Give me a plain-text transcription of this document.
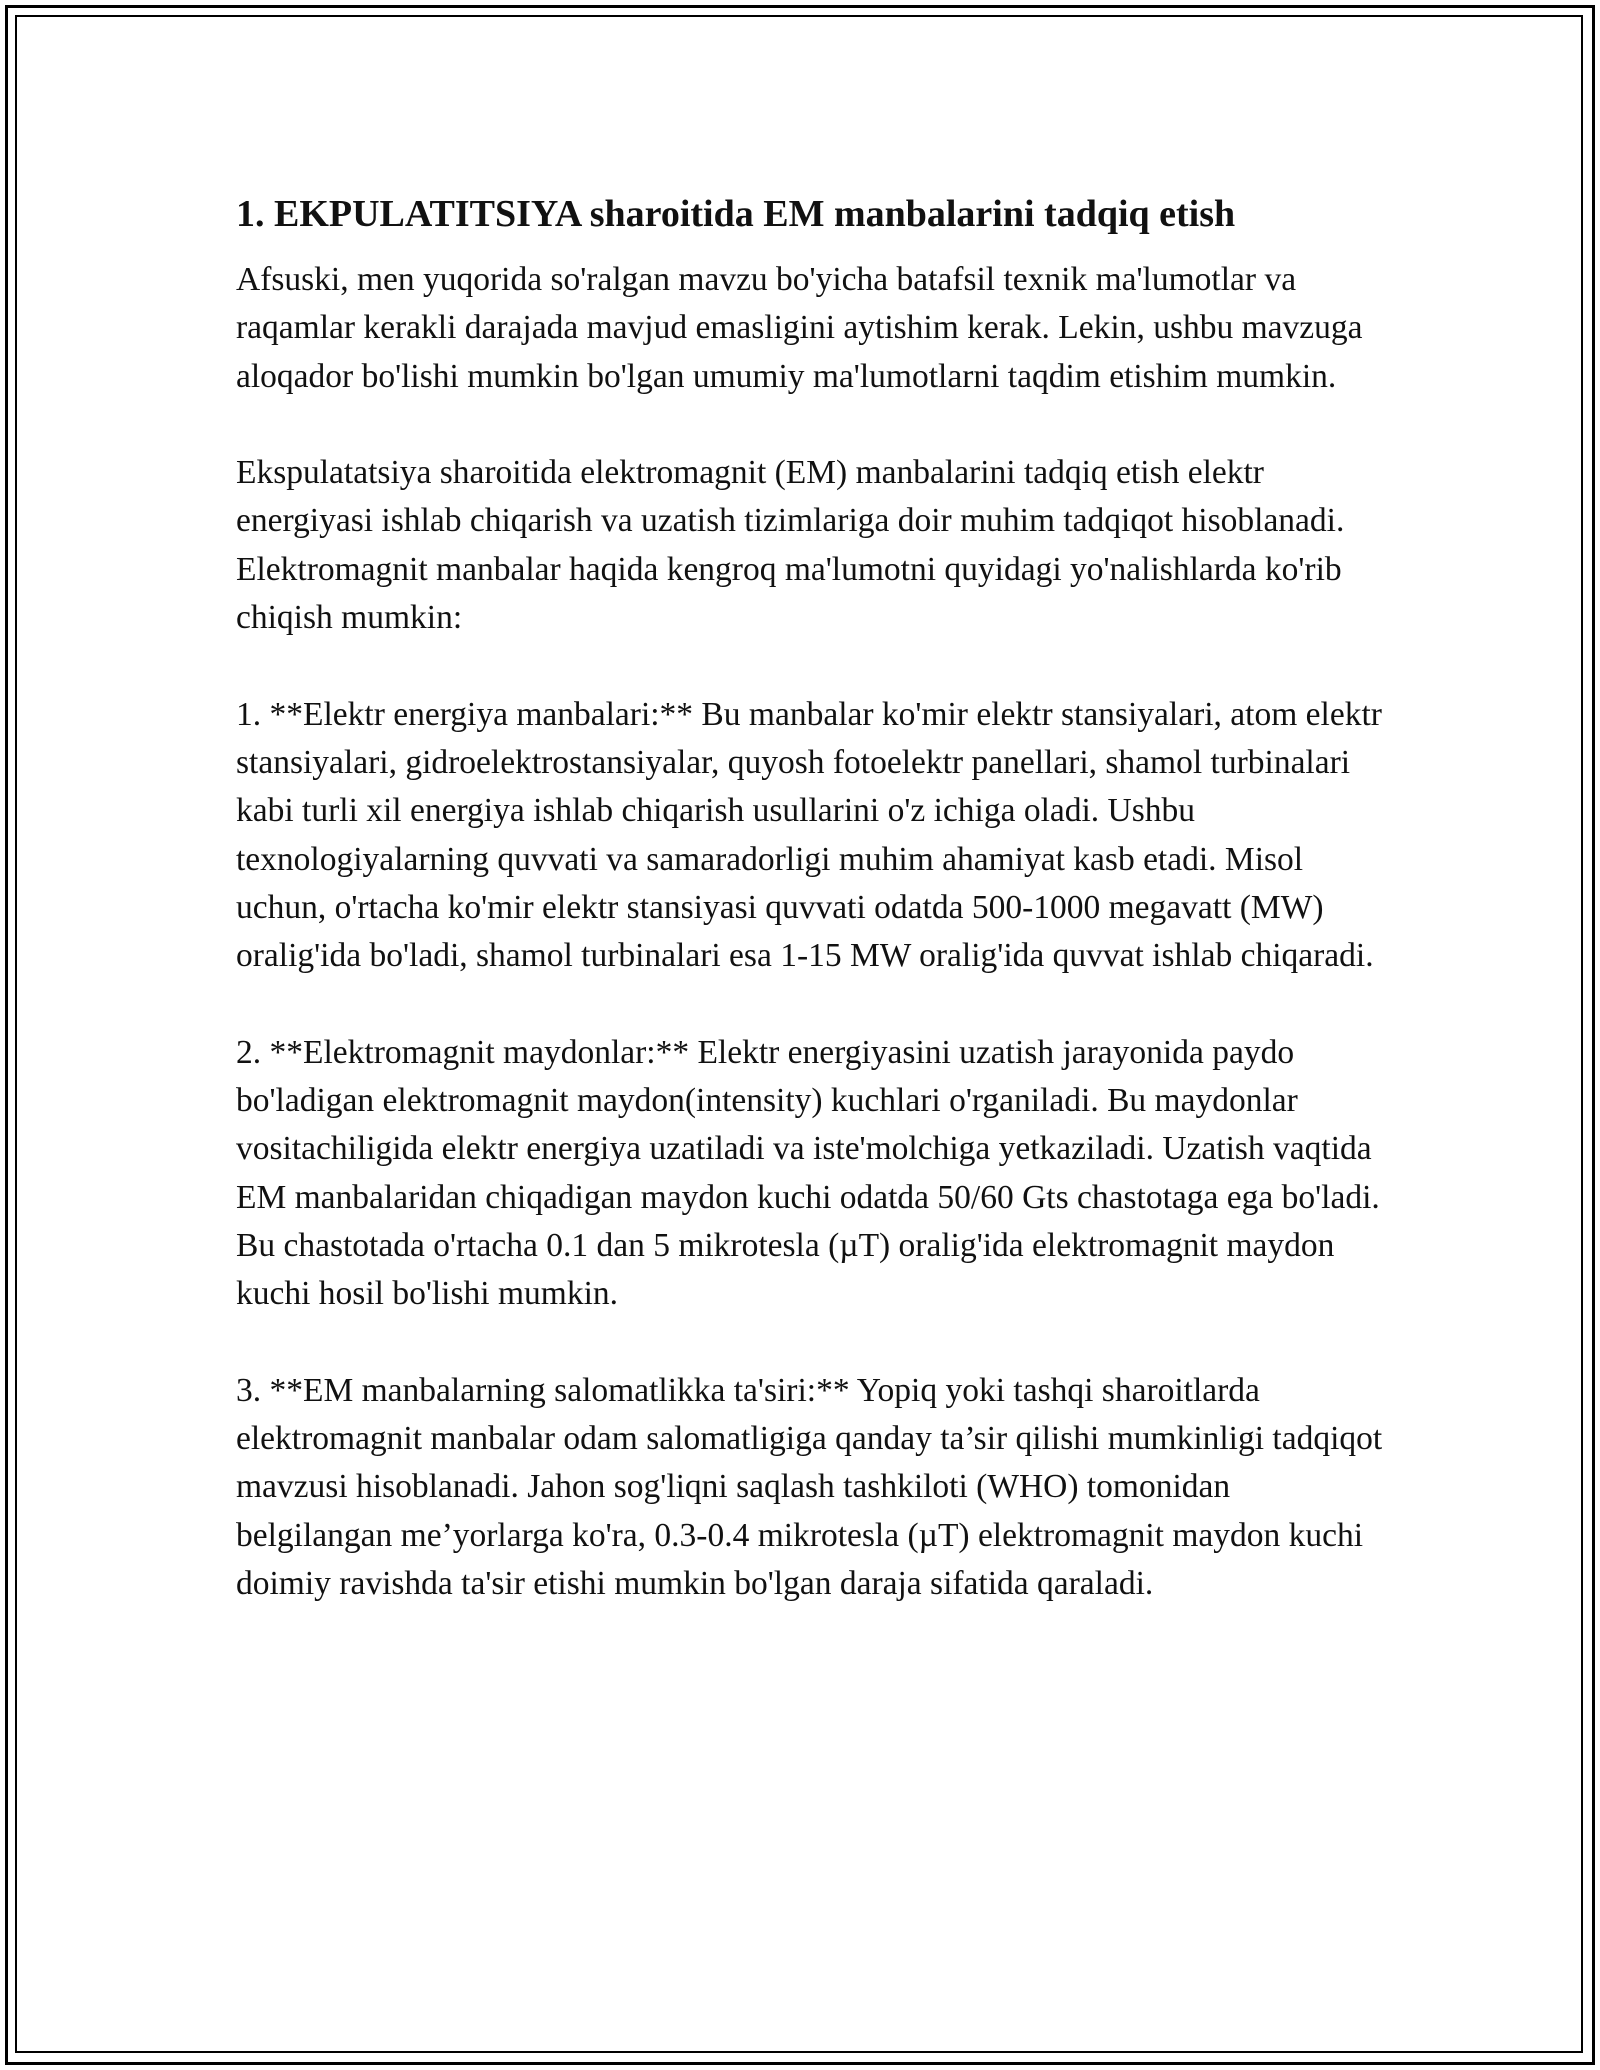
1. EKPULATITSIYA sharoitida EM manbalarini tadqiq etish

Afsuski, men yuqorida so'ralgan mavzu bo'yicha batafsil texnik ma'lumotlar va raqamlar kerakli darajada mavjud emasligini aytishim kerak. Lekin, ushbu mavzuga aloqador bo'lishi mumkin bo'lgan umumiy ma'lumotlarni taqdim etishim mumkin.

Ekspulatatsiya sharoitida elektromagnit (EM) manbalarini tadqiq etish elektr energiyasi ishlab chiqarish va uzatish tizimlariga doir muhim tadqiqot hisoblanadi. Elektromagnit manbalar haqida kengroq ma'lumotni quyidagi yo'nalishlarda ko'rib chiqish mumkin:

1. **Elektr energiya manbalari:** Bu manbalar ko'mir elektr stansiyalari, atom elektr stansiyalari, gidroelektrostansiyalar, quyosh fotoelektr panellari, shamol turbinalari kabi turli xil energiya ishlab chiqarish usullarini o'z ichiga oladi. Ushbu texnologiyalarning quvvati va samaradorligi muhim ahamiyat kasb etadi. Misol uchun, o'rtacha ko'mir elektr stansiyasi quvvati odatda 500-1000 megavatt (MW) oralig'ida bo'ladi, shamol turbinalari esa 1-15 MW oralig'ida quvvat ishlab chiqaradi.

2. **Elektromagnit maydonlar:** Elektr energiyasini uzatish jarayonida paydo bo'ladigan elektromagnit maydon(intensity) kuchlari o'rganiladi. Bu maydonlar vositachiligida elektr energiya uzatiladi va iste'molchiga yetkaziladi. Uzatish vaqtida EM manbalaridan chiqadigan maydon kuchi odatda 50/60 Gts chastotaga ega bo'ladi. Bu chastotada o'rtacha 0.1 dan 5 mikrotesla (µT) oralig'ida elektromagnit maydon kuchi hosil bo'lishi mumkin.

3. **EM manbalarning salomatlikka ta'siri:** Yopiq yoki tashqi sharoitlarda elektromagnit manbalar odam salomatligiga qanday ta’sir qilishi mumkinligi tadqiqot mavzusi hisoblanadi. Jahon sog'liqni saqlash tashkiloti (WHO) tomonidan belgilangan me’yorlarga ko'ra, 0.3-0.4 mikrotesla (µT) elektromagnit maydon kuchi doimiy ravishda ta'sir etishi mumkin bo'lgan daraja sifatida qaraladi.
